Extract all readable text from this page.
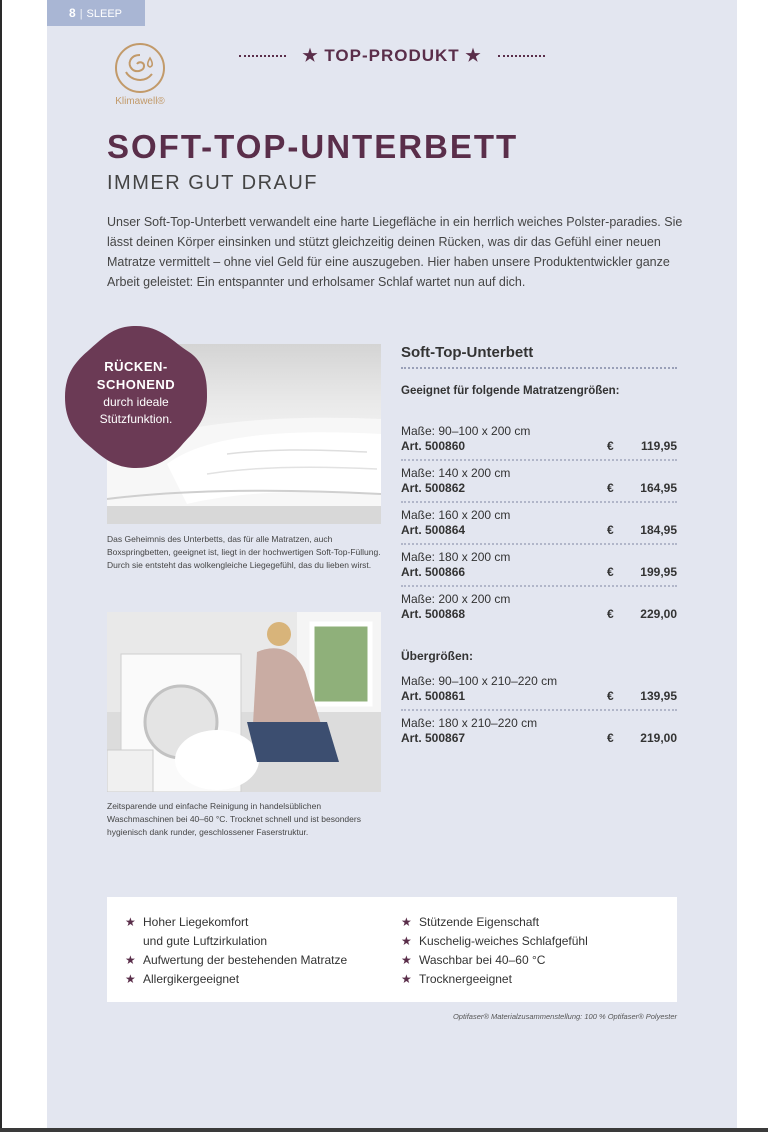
8 | SLEEP
Klimawell®
★ TOP-PRODUKT ★
SOFT-TOP-UNTERBETT
IMMER GUT DRAUF

Unser Soft-Top-Unterbett verwandelt eine harte Liegefläche in ein herrlich weiches Polster-paradies. Sie lässt deinen Körper einsinken und stützt gleichzeitig deinen Rücken, was dir das Gefühl einer neuen Matratze vermittelt – ohne viel Geld für eine auszugeben. Hier haben unsere Produktentwickler ganze Arbeit geleistet: Ein entspannter und erholsamer Schlaf wartet nun auf dich.

RÜCKEN-
SCHONEND
durch ideale
Stützfunktion.

Das Geheimnis des Unterbetts, das für alle Matratzen, auch Boxspringbetten, geeignet ist, liegt in der hochwertigen Soft-Top-Füllung. Durch sie entsteht das wolkengleiche Liegegefühl, das du lieben wirst.

Zeitsparende und einfache Reinigung in handelsüblichen Waschmaschinen bei 40–60 °C. Trocknet schnell und ist besonders hygienisch dank runder, geschlossener Faserstruktur.

Soft-Top-Unterbett
Geeignet für folgende Matratzengrößen:
Maße: 90–100 x 200 cm
Art. 500860	€ 119,95
Maße: 140 x 200 cm
Art. 500862	€ 164,95
Maße: 160 x 200 cm
Art. 500864	€ 184,95
Maße: 180 x 200 cm
Art. 500866	€ 199,95
Maße: 200 x 200 cm
Art. 500868	€ 229,00
Übergrößen:
Maße: 90–100 x 210–220 cm
Art. 500861	€ 139,95
Maße: 180 x 210–220 cm
Art. 500867	€ 219,00
★ Hoher Liegekomfort
und gute Luftzirkulation
★ Aufwertung der bestehenden Matratze
★ Allergikergeeignet
★ Stützende Eigenschaft
★ Kuschelig-weiches Schlafgefühl
★ Waschbar bei 40–60 °C
★ Trocknergeeignet
Optifaser® Materialzusammenstellung: 100 % Optifaser® Polyester
